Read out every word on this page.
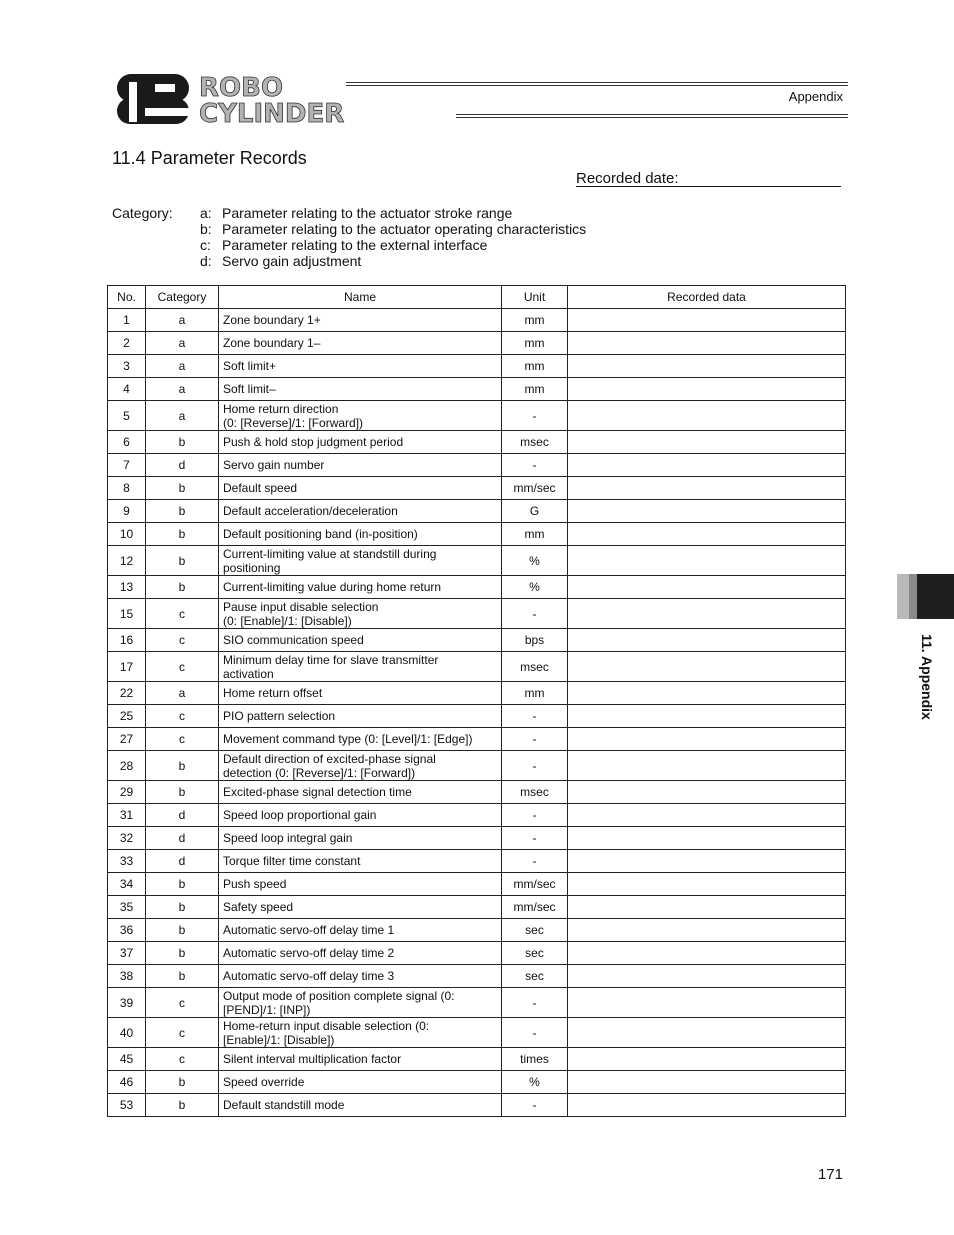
ROBO
CYLINDER
Appendix
11.4 Parameter Records
Recorded date:
Category:	a: Parameter relating to the actuator stroke range
b: Parameter relating to the actuator operating characteristics
c: Parameter relating to the external interface
d: Servo gain adjustment
No.	Category	Name	Unit	Recorded data
1	a	Zone boundary 1+	mm	
2	a	Zone boundary 1–	mm	
3	a	Soft limit+	mm	
4	a	Soft limit–	mm	
5	a	Home return direction
(0: [Reverse]/1: [Forward])	-	
6	b	Push & hold stop judgment period	msec	
7	d	Servo gain number	-	
8	b	Default speed	mm/sec	
9	b	Default acceleration/deceleration	G	
10	b	Default positioning band (in-position)	mm	
12	b	Current-limiting value at standstill during
positioning	%	
13	b	Current-limiting value during home return	%	
15	c	Pause input disable selection
(0: [Enable]/1: [Disable])	-	
16	c	SIO communication speed	bps	
17	c	Minimum delay time for slave transmitter
activation	msec	
22	a	Home return offset	mm	
25	c	PIO pattern selection	-	
27	c	Movement command type (0: [Level]/1: [Edge])	-	
28	b	Default direction of excited-phase signal
detection (0: [Reverse]/1: [Forward])	-	
29	b	Excited-phase signal detection time	msec	
31	d	Speed loop proportional gain	-	
32	d	Speed loop integral gain	-	
33	d	Torque filter time constant	-	
34	b	Push speed	mm/sec	
35	b	Safety speed	mm/sec	
36	b	Automatic servo-off delay time 1	sec	
37	b	Automatic servo-off delay time 2	sec	
38	b	Automatic servo-off delay time 3	sec	
39	c	Output mode of position complete signal (0:
[PEND]/1: [INP])	-	
40	c	Home-return input disable selection (0:
[Enable]/1: [Disable])	-	
45	c	Silent interval multiplication factor	times	
46	b	Speed override	%	
53	b	Default standstill mode	-	
11. Appendix
171
